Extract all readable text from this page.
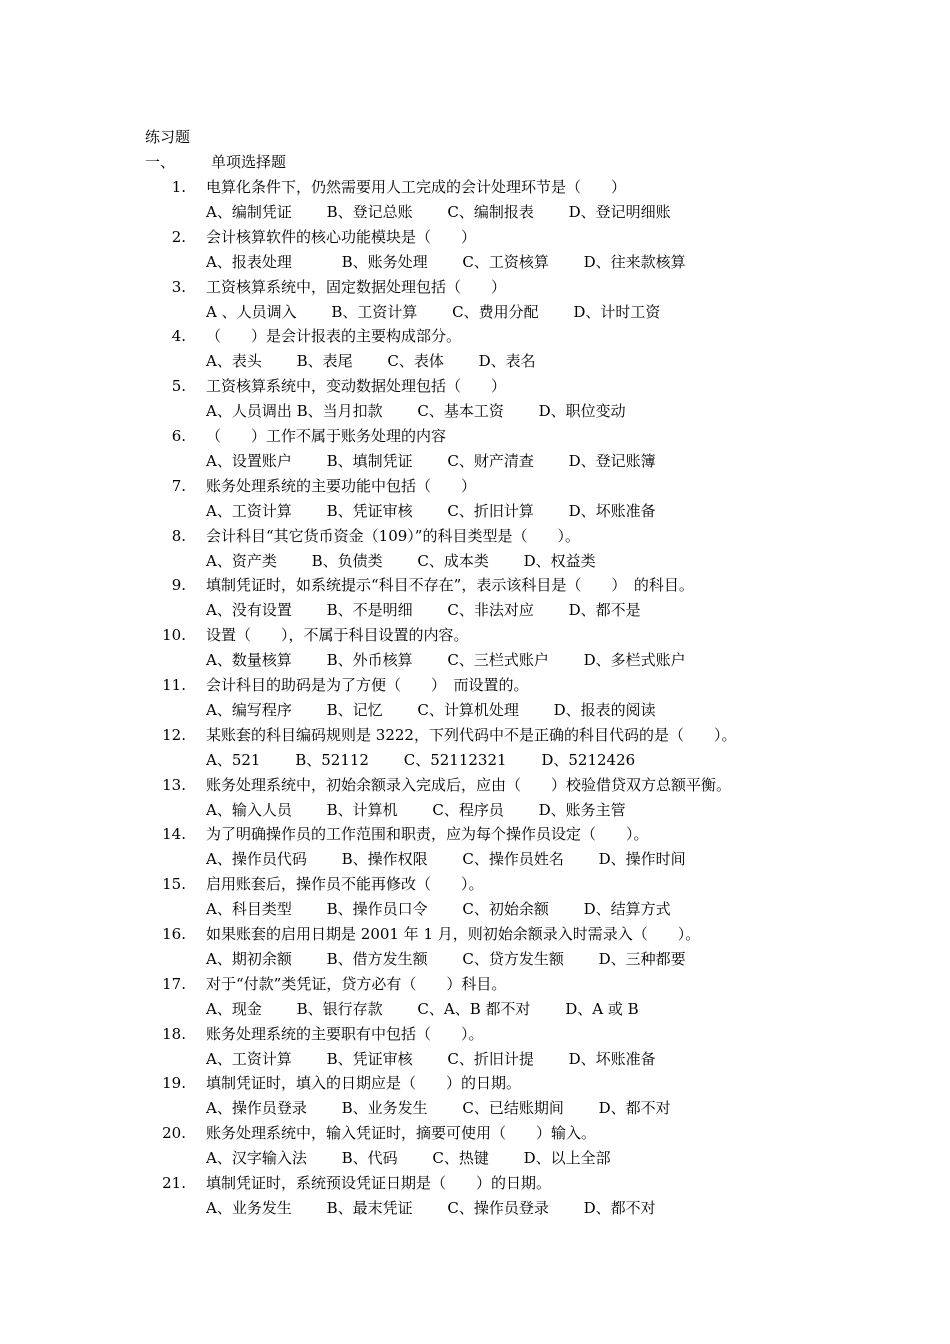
练习题
一、 单项选择题
1. 电算化条件下，仍然需要用人工完成的会计处理环节是（　　）
A、编制凭证　　 B、登记总账　　 C、编制报表　　 D、登记明细账
2. 会计核算软件的核心功能模块是（　　）
A、报表处理　　　 B、账务处理　　 C、工资核算　　 D、往来款核算
3. 工资核算系统中，固定数据处理包括（　　）
A 、人员调入　　 B、工资计算　　 C、费用分配　　 D、计时工资
4. （　　）是会计报表的主要构成部分。
A、表头　　 B、表尾　　 C、表体　　 D、表名
5. 工资核算系统中，变动数据处理包括（　　）
A、人员调出 B、当月扣款　　 C、基本工资　　 D、职位变动
6. （　　）工作不属于账务处理的内容
A、设置账户　　 B、填制凭证　　 C、财产清查　　 D、登记账簿
7. 账务处理系统的主要功能中包括（　　）
A、工资计算　　 B、凭证审核　　 C、折旧计算　　 D、坏账准备
8. 会计科目“其它货币资金（109）”的科目类型是（　　）。
A、资产类　　 B、负债类　　 C、成本类　　 D、权益类
9. 填制凭证时，如系统提示“科目不存在”，表示该科目是（　　）　的科目。
A、没有设置　　 B、不是明细　　 C、非法对应　　 D、都不是
10. 设置（　　），不属于科目设置的内容。
A、数量核算　　 B、外币核算　　 C、三栏式账户　　 D、多栏式账户
11. 会计科目的助码是为了方便（　　）　而设置的。
A、编写程序　　 B、记忆　　 C、计算机处理　　 D、报表的阅读
12. 某账套的科目编码规则是 3222，下列代码中不是正确的科目代码的是（　　）。
A、521　　 B、52112　　 C、52112321　　 D、5212426
13. 账务处理系统中，初始余额录入完成后，应由（　　）校验借贷双方总额平衡。
A、输入人员　　 B、计算机　　 C、程序员　　 D、账务主管
14. 为了明确操作员的工作范围和职责，应为每个操作员设定（　　）。
A、操作员代码　　 B、操作权限　　 C、操作员姓名　　 D、操作时间
15. 启用账套后，操作员不能再修改（　　）。
A、科目类型　　 B、操作员口令　　 C、初始余额　　 D、结算方式
16. 如果账套的启用日期是 2001 年 1 月，则初始余额录入时需录入（　　）。
A、期初余额　　 B、借方发生额　　 C、贷方发生额　　 D、三种都要
17. 对于“付款”类凭证，贷方必有（　　）科目。
A、现金　　 B、银行存款　　 C、A、B 都不对　　 D、A 或 B
18. 账务处理系统的主要职有中包括（　　）。
A、工资计算　　 B、凭证审核　　 C、折旧计提　　 D、坏账准备
19. 填制凭证时，填入的日期应是（　　）的日期。
A、操作员登录　　 B、业务发生　　 C、已结账期间　　 D、都不对
20. 账务处理系统中，输入凭证时，摘要可使用（　　）输入。
A、汉字输入法　　 B、代码　　 C、热键　　 D、以上全部
21. 填制凭证时，系统预设凭证日期是（　　）的日期。
A、业务发生　　 B、最末凭证　　 C、操作员登录　　 D、都不对
